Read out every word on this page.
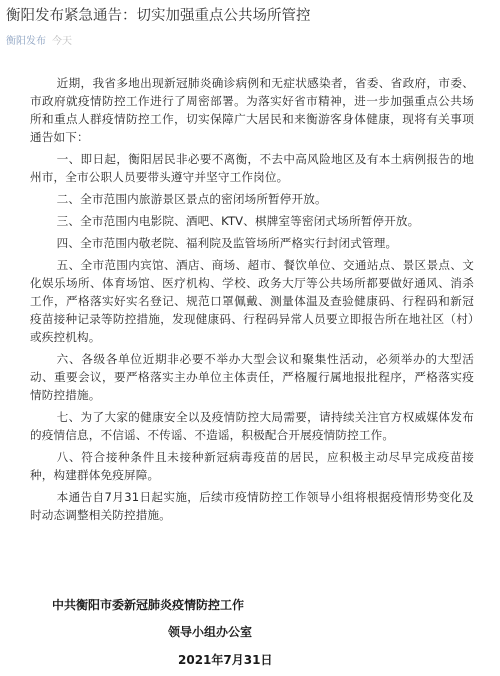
衡阳发布紧急通告：切实加强重点公共场所管控
衡阳发布 今天

近期，我省多地出现新冠肺炎确诊病例和无症状感染者，省委、省政府，市委、市政府就疫情防控工作进行了周密部署。为落实好省市精神，进一步加强重点公共场所和重点人群疫情防控工作，切实保障广大居民和来衡游客身体健康，现将有关事项通告如下：

一、即日起，衡阳居民非必要不离衡，不去中高风险地区及有本土病例报告的地州市，全市公职人员要带头遵守并坚守工作岗位。

二、全市范围内旅游景区景点的密闭场所暂停开放。

三、全市范围内电影院、酒吧、KTV、棋牌室等密闭式场所暂停开放。

四、全市范围内敬老院、福利院及监管场所严格实行封闭式管理。

五、全市范围内宾馆、酒店、商场、超市、餐饮单位、交通站点、景区景点、文化娱乐场所、体育场馆、医疗机构、学校、政务大厅等公共场所都要做好通风、消杀工作，严格落实好实名登记、规范口罩佩戴、测量体温及查验健康码、行程码和新冠疫苗接种记录等防控措施，发现健康码、行程码异常人员要立即报告所在地社区（村）或疾控机构。

六、各级各单位近期非必要不举办大型会议和聚集性活动，必须举办的大型活动、重要会议，要严格落实主办单位主体责任，严格履行属地报批程序，严格落实疫情防控措施。

七、为了大家的健康安全以及疫情防控大局需要，请持续关注官方权威媒体发布的疫情信息，不信谣、不传谣、不造谣，积极配合开展疫情防控工作。

八、符合接种条件且未接种新冠病毒疫苗的居民，应积极主动尽早完成疫苗接种，构建群体免疫屏障。

本通告自7月31日起实施，后续市疫情防控工作领导小组将根据疫情形势变化及时动态调整相关防控措施。

中共衡阳市委新冠肺炎疫情防控工作
领导小组办公室
2021年7月31日
